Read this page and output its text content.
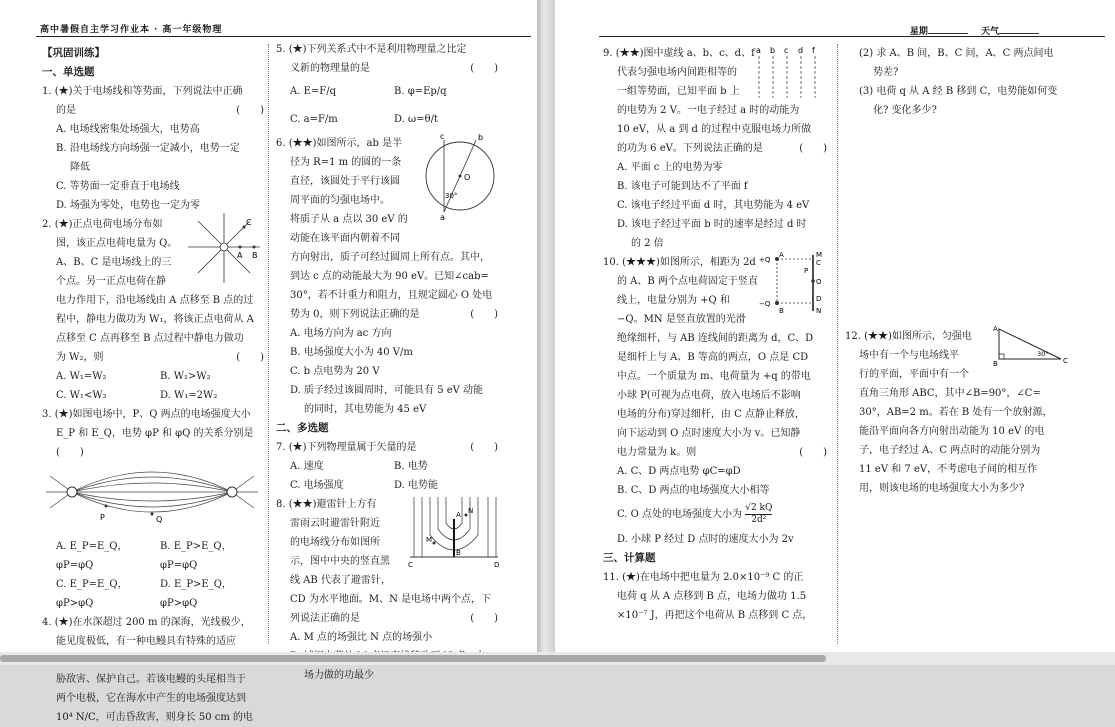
高中暑假自主学习作业本 · 高一年级物理

【巩固训练】

一、单选题

1. (★)关于电场线和等势面，下列说法中正确

的是	(　　)

A. 电场线密集处场强大，电势高

B. 沿电场线方向场强一定减小，电势一定

降低

C. 等势面一定垂直于电场线

D. 场强为零处，电势也一定为零

2. (★)正点电荷电场分布如

图，该正点电荷电量为 Q。

A、B、C 是电场线上的三

个点。另一正点电荷在静

电力作用下，沿电场线由 A 点移至 B 点的过

程中，静电力做功为 W₁，将该正点电荷从 A

点移至 C 点再移至 B 点过程中静电力做功

为 W₂，则	(　　)

A. W₁=W₂	B. W₁>W₂

C. W₁<W₂	D. W₁=2W₂

A B
C

3. (★)如图电场中，P、Q 两点的电场强度大小

E_P 和 E_Q，电势 φP 和 φQ 的关系分别是(　　)

P	Q

A. E_P=E_Q，φP=φQ
B. E_P>E_Q，φP=φQ

C. E_P=E_Q，φP>φQ
D. E_P>E_Q，φP>φQ

4. (★)在水深超过 200 m 的深海，光线极少，

能见度极低，有一种电鳗具有特殊的适应

胁敌害、保护自己。若该电鳗的头尾相当于

两个电极，它在海水中产生的电场强度达到

10⁴ N/C，可击昏敌害，则身长 50 cm 的电

5. (★)下列关系式中不是利用物理量之比定

义新的物理量的是	(　　)

A. E=F/q	B. φ=Ep/q

C. a=F/m	D. ω=θ/t

6. (★★)如图所示，ab 是半

径为 R=1 m 的圆的一条

直径，该圆处于平行该圆

周平面的匀强电场中。

将质子从 a 点以 30 eV 的

动能在该平面内朝着不同

方向射出，质子可经过圆周上所有点。其中，

到达 c 点的动能最大为 90 eV。已知∠cab=

30°，若不计重力和阻力，且规定圆心 O 处电

势为 0，则下列说法正确的是	(　　)

A. 电场方向为 ac 方向

B. 电场强度大小为 40 V/m

C. b 点电势为 20 V

D. 质子经过该圆周时，可能具有 5 eV 动能

的同时，其电势能为 45 eV

a
b
c
O
30°

二、多选题

7. (★)下列物理量属于矢量的是	(　　)

A. 速度	B. 电势

C. 电场强度	D. 电势能

8. (★★)避雷针上方有

雷雨云时避雷针附近

的电场线分布如图所

示，图中中央的竖直黑

线 AB 代表了避雷针，

CD 为水平地面。M、N 是电场中两个点，下

列说法正确的是	(　　)

A. M 点的场强比 N 点的场强小

场力做的功最少

A
B
C	D
M
N
星期	天气

9. (★★)图中虚线 a、b、c、d、f

代表匀强电场内间距相等的

一组等势面，已知平面 b 上

的电势为 2 V。一电子经过 a 时的动能为

10 eV，从 a 到 d 的过程中克服电场力所做

的功为 6 eV。下列说法正确的是	(　　)

A. 平面 c 上的电势为零

B. 该电子可能到达不了平面 f

C. 该电子经过平面 d 时，其电势能为 4 eV

D. 该电子经过平面 b 时的速率是经过 d 时

的 2 倍

a b c d f

10. (★★★)如图所示，相距为 2d

的 A、B 两个点电荷固定于竖直

线上，电量分别为 +Q 和

−Q。MN 是竖直放置的光滑

绝缘细杆，与 AB 连线间的距离为 d，C、D

是细杆上与 A、B 等高的两点，O 点是 CD

中点。一个质量为 m、电荷量为 +q 的带电

小球 P(可视为点电荷，放入电场后不影响

电场的分布)穿过细杆，由 C 点静止释放，

向下运动到 O 点时速度大小为 v。已知静

电力常量为 k。则	(　　)

A. C、D 两点电势 φC=φD

B. C、D 两点的电场强度大小相等

C. O 点处的电场强度大小为 $\frac{√2 kQ}{\text{2d²}}$

D. 小球 P 经过 D 点时的速度大小为 2v

+Q
−Q
A
B
C
D
M
N
O
P

三、计算题

11. (★)在电场中把电量为 2.0×10⁻⁹ C 的正

电荷 q 从 A 点移到 B 点，电场力做功 1.5

×10⁻⁷ J，再把这个电荷从 B 点移到 C 点，

(2) 求 A、B 间，B、C 间，A、C 两点间电

势差?

(3) 电荷 q 从 A 经 B 移到 C，电势能如何变

化? 变化多少?

12. (★★)如图所示，匀强电

场中有一个与电场线平

行的平面，平面中有一个

直角三角形 ABC，其中∠B=90°，∠C=

30°，AB=2 m。若在 B 处有一个放射源，

能沿平面向各方向射出动能为 10 eV 的电

子，电子经过 A、C 两点时的动能分别为

11 eV 和 7 eV，不考虑电子间的相互作

用，则该电场的电场强度大小为多少?

A
B	C
30°
